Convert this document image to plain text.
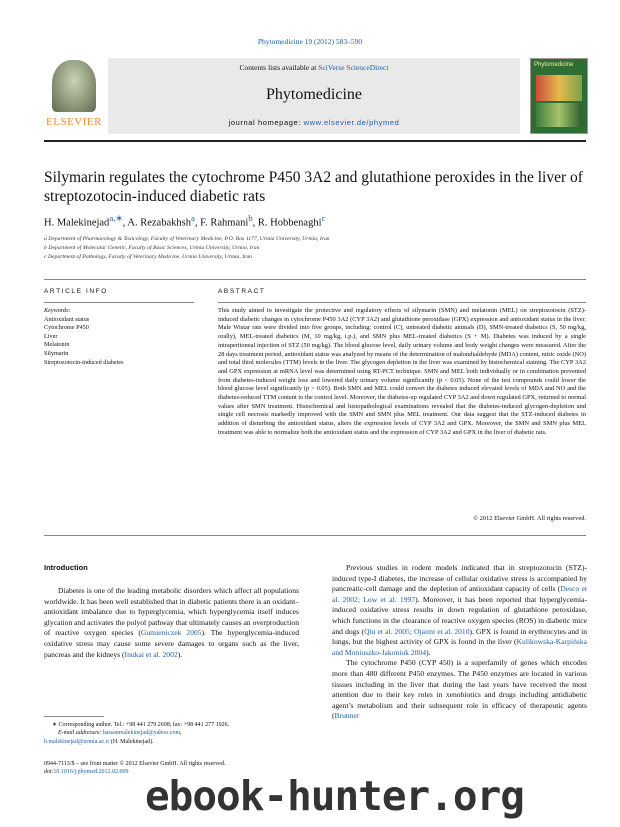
Phytomedicine 19 (2012) 583–590
ELSEVIER
Contents lists available at SciVerse ScienceDirect
Phytomedicine
journal homepage: www.elsevier.de/phymed
Phytomedicine
Silymarin regulates the cytochrome P450 3A2 and glutathione peroxides in the liver of streptozotocin-induced diabetic rats
H. Malekinejad$^{a,∗}$, A. Rezabakhsh$^a$, F. Rahmani$^b$, R. Hobbenaghi$^c$
a Department of Pharmacology & Toxicology, Faculty of Veterinary Medicine, P.O. Box 1177, Urmia University, Urmia, Iran
b Department of Molecular Genetic, Faculty of Basic Sciences, Urmia University, Urmia, Iran
c Department of Pathology, Faculty of Veterinary Medicine, Urmia University, Urmia, Iran
ARTICLE INFO	ABSTRACT
Keywords:
Antioxidant status
Cytochrome P450
Liver
Melatonin
Silymarin
Streptozotocin-induced diabetes
This study aimed to investigate the protective and regulatory effects of silymarin (SMN) and melatonin (MEL) on streptozotocin (STZ)-induced diabetic changes in cytochrome P450 3A2 (CYP 3A2) and glutathione peroxidase (GPX) expression and antioxidant status in the liver. Male Wistar rats were divided into five groups, including: control (C), untreated diabetic animals (D), SMN-treated diabetics (S, 50 mg/kg, orally), MEL-treated diabetics (M, 10 mg/kg, i.p.), and SMN plus MEL-treated diabetics (S + M). Diabetes was induced by a single intraperitoneal injection of STZ (50 mg/kg). The blood glucose level, daily urinary volume and body weight changes were measured. After the 28 days treatment period, antioxidant status was analyzed by means of the determination of malondialdehyde (MDA) content, nitric oxide (NO) and total thiol molecules (TTM) levels in the liver. The glycogen depletion in the liver was examined by histochemical staining. The CYP 3A2 and GPX expression at mRNA level was determined using RT-PCT technique. SMN and MEL both individually or in combination prevented from diabetes-induced weight loss and lowered daily urinary volume significantly (p < 0.05). None of the test compounds could lower the blood glucose level significantly (p > 0.05). Both SMN and MEL could convert the diabetes induced elevated levels of MDA and NO and the diabetes-reduced TTM content to the control level. Moreover, the diabetes-up regulated CYP 3A2 and down regulated GPX, returned to normal values after SMN treatment. Histochemical and histopathological examinations revealed that the diabetes-induced glycogen-depletion and single cell necrosis markedly improved with the SMN and SMN plus MEL treatment. Our data suggest that the STZ-induced diabetes in addition of disturbing the antioxidant status, alters the expression levels of CYP 3A2 and GPX. Moreover, the SMN and SMN plus MEL treatment was able to normalize both the antioxidant status and the expression of CYP 3A2 and GPX in the liver of diabetic rats.
© 2012 Elsevier GmbH. All rights reserved.
Introduction

Diabetes is one of the leading metabolic disorders which affect all populations worldwide. It has been well established that in diabetic patients there is an oxidant–antioxidant imbalance due to hyperglycemia, which hyperglycemia itself induces glycation and activates the polyol pathway that ultimately causes an overproduction of reactive oxygen species (Gumieniczek 2005). The hyperglycemia-induced oxidative stress may cause some severe damages to organs such as the liver, pancreas and the kidneys (Inukai et al. 2002).

Previous studies in rodent models indicated that in streptozotocin (STZ)-induced type-I diabetes, the increase of cellular oxidative stress is accompanied by pancreatic-cell damage and the depletion of antioxidant capacity of cells (Desco et al. 2002; Low et al. 1997). Moreover, it has been reported that hyperglycemia-induced oxidative stress results in down regulation of glutathione peroxidase, which functions in the clearance of reactive oxygen species (ROS) in diabetic mice and dogs (Qiu et al. 2005; Ojaimi et al. 2010). GPX is found in erythrocytes and in lungs, but the highest activity of GPX is found in the liver (Kulikowska-Karpińska and Moniuszko-Jakoniuk 2004).

The cytochrome P450 (CYP 450) is a superfamily of genes which encodes more than 480 different P450 enzymes. The P450 enzymes are located in various tissues including in the liver that during the last years have received the most attention due to their key roles in xenobiotics and drugs including antidiabetic agent’s metabolism and their subsequent role in efficacy of therapeutic agents (Brunner

∗ Corresponding author. Tel.: +98 441 279 2608; fax: +98 441 277 1926.
E-mail addresses: hassanmalekinejad@yahoo.com,
h.malekinejad@urmia.ac.ir (H. Malekinejad).
0944-7113/$ – see front matter © 2012 Elsevier GmbH. All rights reserved.
doi:10.1016/j.phymed.2012.02.009 ebook-hunter.org
